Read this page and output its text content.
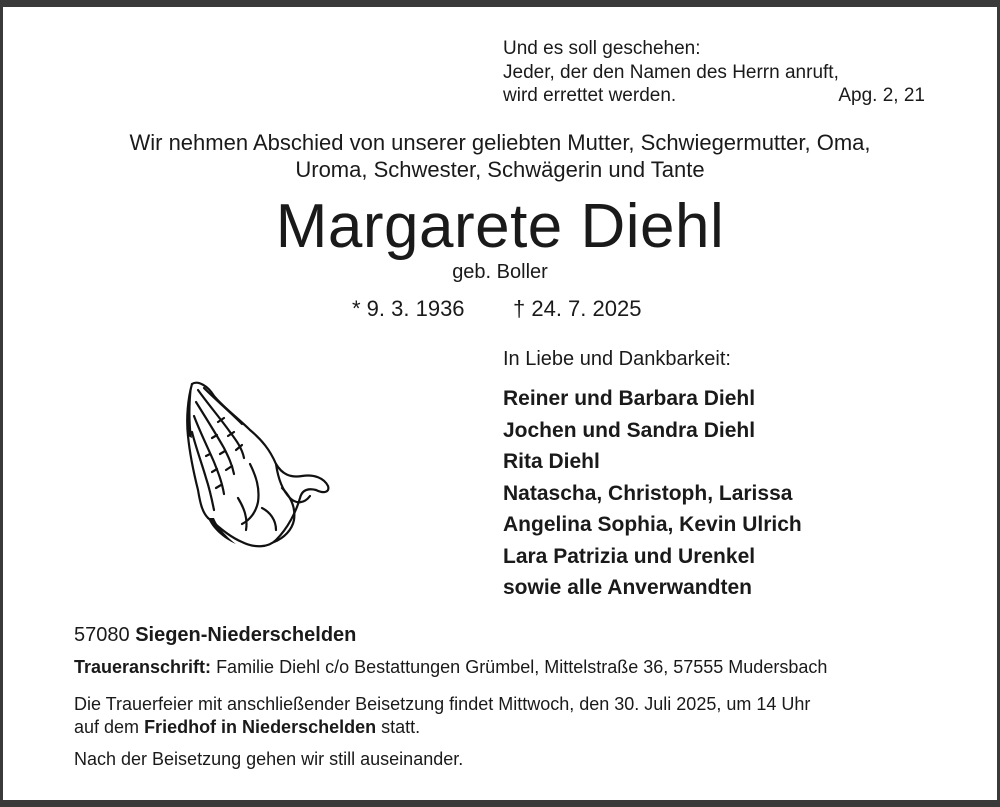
Und es soll geschehen:
Jeder, der den Namen des Herrn anruft,
wird errettet werden.	Apg. 2, 21
Wir nehmen Abschied von unserer geliebten Mutter, Schwiegermutter, Oma,
Uroma, Schwester, Schwägerin und Tante
Margarete Diehl
geb. Boller
* 9. 3. 1936 † 24. 7. 2025
In Liebe und Dankbarkeit:
Reiner und Barbara Diehl
Jochen und Sandra Diehl
Rita Diehl
Natascha, Christoph, Larissa
Angelina Sophia, Kevin Ulrich
Lara Patrizia und Urenkel
sowie alle Anverwandten
57080 Siegen-Niederschelden
Traueranschrift: Familie Diehl c/o Bestattungen Grümbel, Mittelstraße 36, 57555 Mudersbach
Die Trauerfeier mit anschließender Beisetzung findet Mittwoch, den 30. Juli 2025, um 14 Uhr
auf dem Friedhof in Niederschelden statt.
Nach der Beisetzung gehen wir still auseinander.
